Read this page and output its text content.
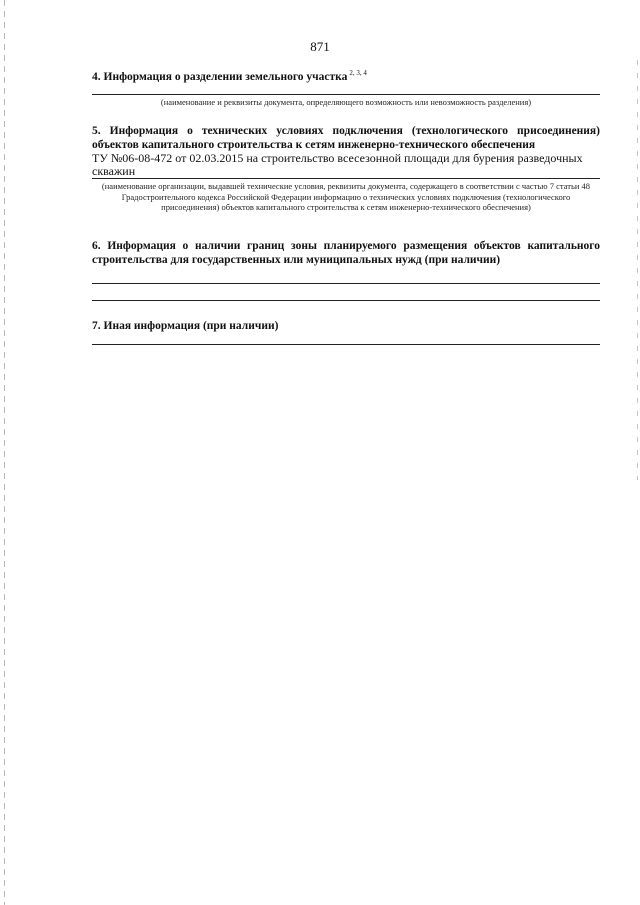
871
4. Информация о разделении земельного участка $^{2, 3, 4}$
(наименование и реквизиты документа, определяющего возможность или невозможность разделения)
5. Информация о технических условиях подключения (технологического присоединения) объектов капитального строительства к сетям инженерно-технического обеспечения
ТУ №06-08-472 от 02.03.2015 на строительство всесезонной площади для бурения разведочных скважин
(наименование организации, выдавшей технические условия, реквизиты документа, содержащего в соответствии с частью 7 статьи 48 Градостроительного кодекса Российской Федерации информацию о технических условиях подключения (технологического присоединения) объектов капитального строительства к сетям инженерно-технического обеспечения)
6. Информация о наличии границ зоны планируемого размещения объектов капитального строительства для государственных или муниципальных нужд (при наличии)
7. Иная информация (при наличии)
